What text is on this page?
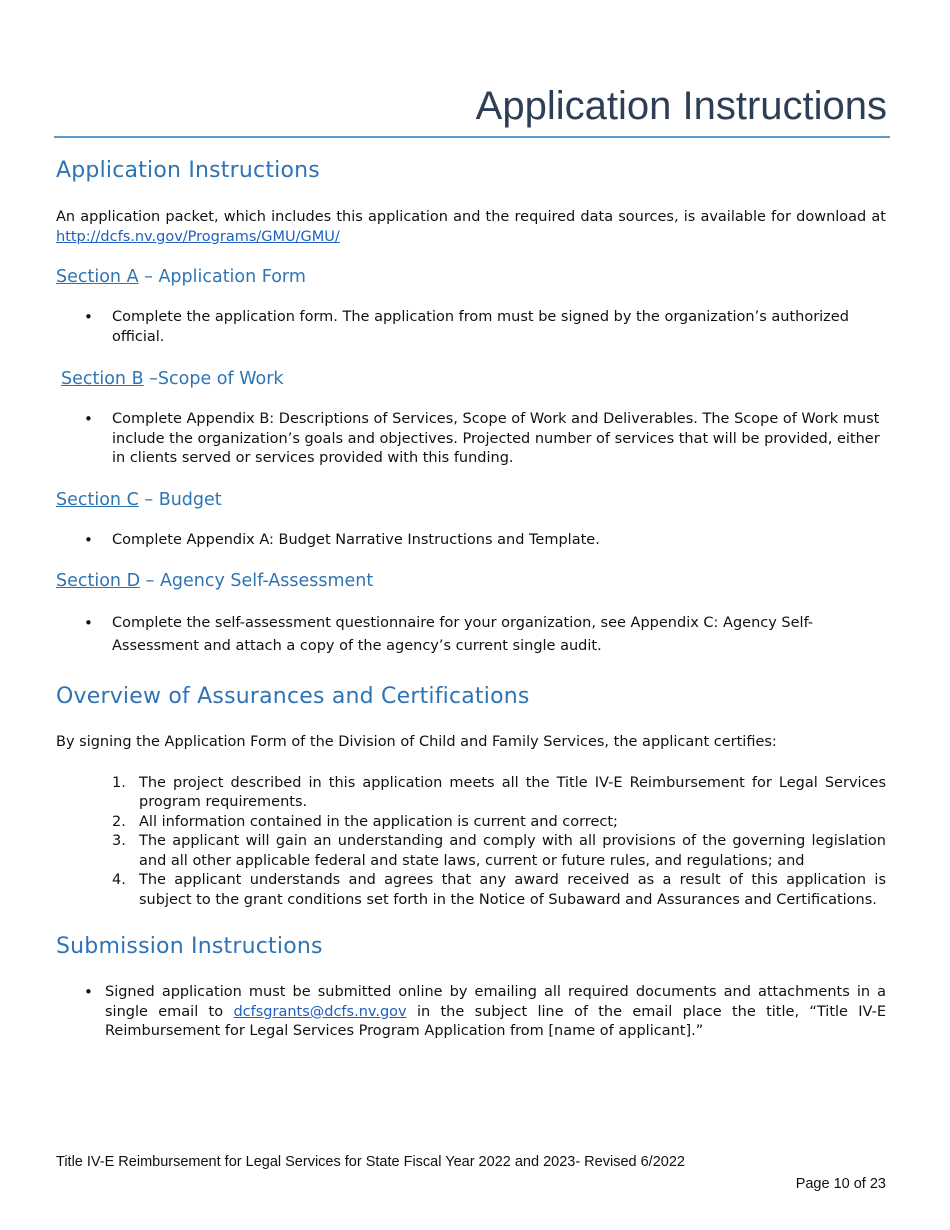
Application Instructions
Application Instructions

An application packet, which includes this application and the required data sources, is available for download at http://dcfs.nv.gov/Programs/GMU/GMU/

Section A – Application Form
• Complete the application form. The application from must be signed by the organization’s authorized official.
Section B –Scope of Work
• Complete Appendix B: Descriptions of Services, Scope of Work and Deliverables. The Scope of Work must include the organization’s goals and objectives. Projected number of services that will be provided, either in clients served or services provided with this funding.
Section C – Budget
• Complete Appendix A: Budget Narrative Instructions and Template.
Section D – Agency Self-Assessment
• Complete the self-assessment questionnaire for your organization, see Appendix C: Agency Self-Assessment and attach a copy of the agency’s current single audit.
Overview of Assurances and Certifications

By signing the Application Form of the Division of Child and Family Services, the applicant certifies:

1. The project described in this application meets all the Title IV-E Reimbursement for Legal Services program requirements.
2. All information contained in the application is current and correct;
3. The applicant will gain an understanding and comply with all provisions of the governing legislation and all other applicable federal and state laws, current or future rules, and regulations; and
4. The applicant understands and agrees that any award received as a result of this application is subject to the grant conditions set forth in the Notice of Subaward and Assurances and Certifications.
Submission Instructions
• Signed application must be submitted online by emailing all required documents and attachments in a single email to dcfsgrants@dcfs.nv.gov in the subject line of the email place the title, “Title IV-E Reimbursement for Legal Services Program Application from [name of applicant].”
Title IV-E Reimbursement for Legal Services for State Fiscal Year 2022 and 2023- Revised 6/2022
Page 10 of 23
